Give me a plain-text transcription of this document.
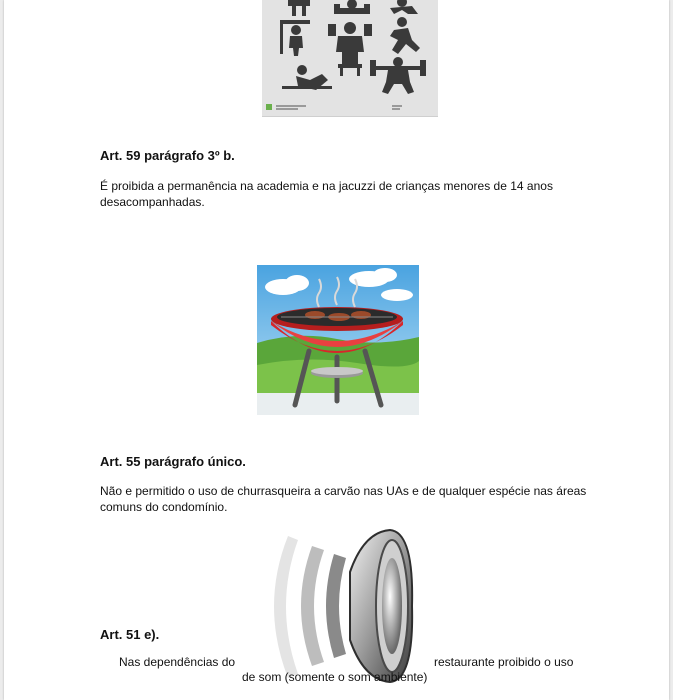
Art. 59 parágrafo 3º b.

É proibida a permanência na academia e na jacuzzi de crianças menores de 14 anos desacompanhadas.

Art. 55 parágrafo único.

Não e permitido o uso de churrasqueira a carvão nas UAs e de qualquer espécie nas áreas comuns do condomínio.

Art. 51 e).
Nas dependências do	restaurante proibido o uso
de som (somente o som ambiente)
